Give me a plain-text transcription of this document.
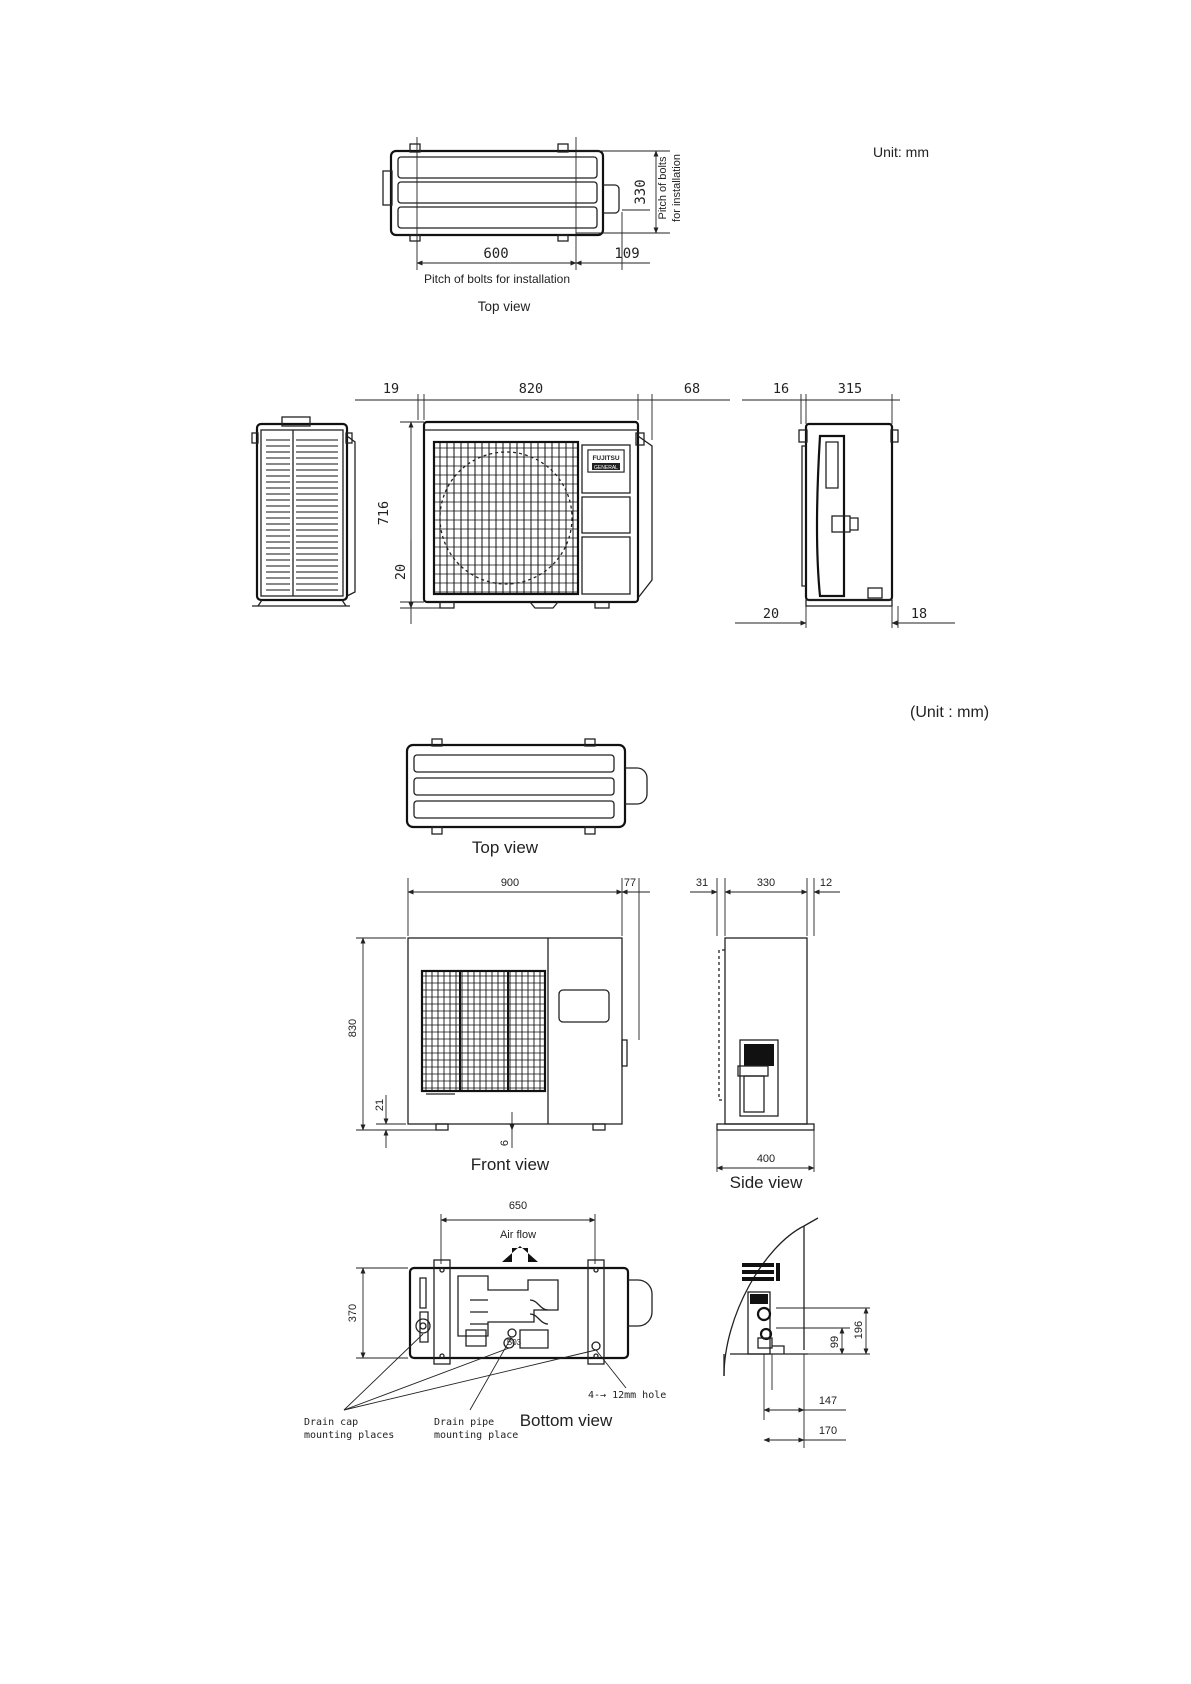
Unit: mm
600	109
330 Pitch of bolts for installation
Pitch of bolts for installation
Top view
FUJITSU
GENERAL
19	820	68
716
20
16	315
20	18
(Unit : mm)
Top view
900	77
830
21
6
Front view
31	330	12
400
Side view
650
Air flow
370
B03
4-→ 12mm hole
Drain cap
mounting places
Drain pipe
mounting place
Bottom view
99
196
147
170
